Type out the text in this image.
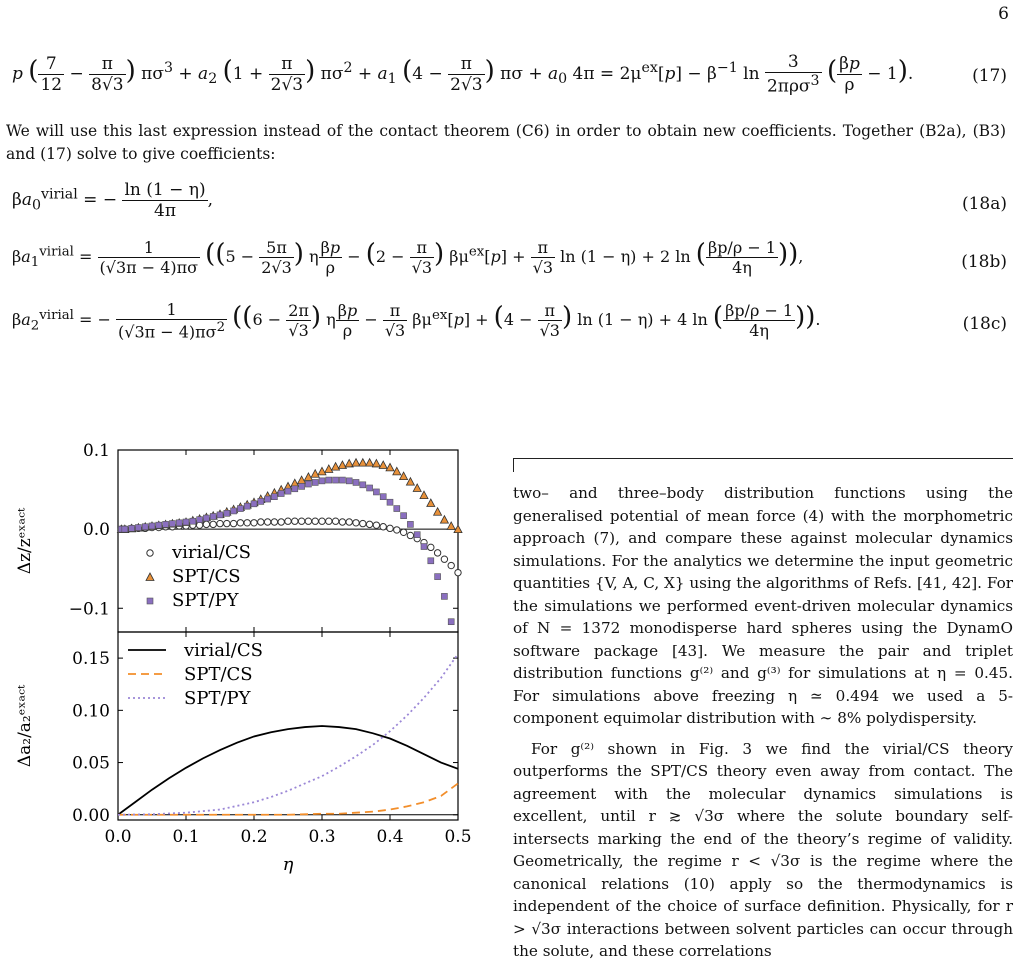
6
p ( $\frac{7}{12} - \frac{\pi}{8√3}$ ) $\pi\sigma^3 + a_2$ ($1 + \frac{\pi}{2√3}$ ) $\pi\sigma^2 + a_1$ ($4 - \frac{\pi}{2√3}$ ) $\pi\sigma + a_0$ $4\pi = 2\mu^{ex}[p] - \beta^{-1}$ $\ln \frac{3}{2\pi\rho\sigma^3}$ ( $\frac{\beta p}{\rho} - 1$).	(17)
We will use this last expression instead of the contact theorem (C6) in order to obtain new coefficients. Together (B2a), (B3) and (17) solve to give coefficients:
$\beta a_0^{virial}$ = − $\frac{\ln (1 - \eta)}{4\pi}$ ,	(18a)
$\beta a_1^{virial} = \frac{1}{(√3\pi - 4)\pi\sigma} ((5 - \frac{5\pi}{2√3}$ ) η $\frac{\beta p}{\rho} - (2 - \frac{\pi}{√3}$ ) $\beta\mu^{ex}[p] + \frac{\pi}{√3}$ ln (1 − η) + 2 ln ( $\frac{\beta p/\rho - 1}{4\eta}$ )),	(18b)
$\beta a_2^{virial}$ = − $\frac{1}{(√3\pi - 4)\pi\sigma^2} ((6 - \frac{2\pi}{√3}$ ) η $\frac{\beta p}{\rho} - \frac{\pi}{√3} \beta\mu^{ex}[p] + (4 - \frac{\pi}{√3}$ ) ln (1 − η) + 4 ln ( $\frac{\beta p/\rho - 1}{4\eta}$ )).	(18c)

two– and three–body distribution functions using the generalised potential of mean force (4) with the morphometric approach (7), and compare these against molecular dynamics simulations. For the analytics we determine the input geometric quantities {V, A, C, X} using the algorithms of Refs. [41, 42]. For the simulations we performed event-driven molecular dynamics of N = 1372 monodisperse hard spheres using the DynamO software package [43]. We measure the pair and triplet distribution functions g⁽²⁾ and g⁽³⁾ for simulations at η = 0.45. For simulations above freezing η ≃ 0.494 we used a 5-component equimolar distribution with ∼ 8% polydispersity.

For g⁽²⁾ shown in Fig. 3 we find the virial/CS theory outperforms the SPT/CS theory even away from contact. The agreement with the molecular dynamics simulations is excellent, until r ≳ √3σ where the solute boundary self-intersects marking the end of the theory’s regime of validity. Geometrically, the regime r < √3σ is the regime where the canonical relations (10) apply so the thermodynamics is independent of the choice of surface definition. Physically, for r > √3σ interactions between solvent particles can occur through the solute, and these correlations

0.1
0.0
−0.1
Δz/zᵉˣᵃᶜᵗ	virial/CS
SPT/CS
SPT/PY
0.00
0.05
0.10
0.15
0.0 0.1 0.2 0.3 0.4 0.5
η
Δa₂/a₂ᵉˣᵃᶜᵗ
virial/CS
SPT/CS
SPT/PY
